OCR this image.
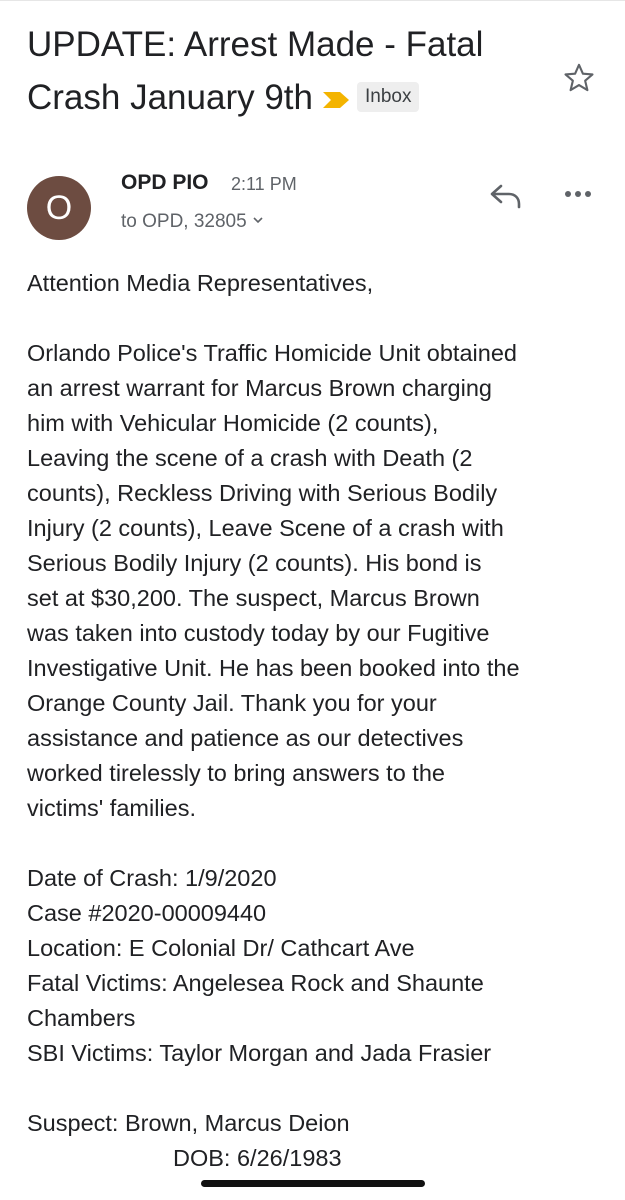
UPDATE: Arrest Made - Fatal Crash January 9th	Inbox
O
OPD PIO 2:11 PM
to OPD, 32805

Attention Media Representatives,

Orlando Police's Traffic Homicide Unit obtained

an arrest warrant for Marcus Brown charging

him with Vehicular Homicide (2 counts),

Leaving the scene of a crash with Death (2

counts), Reckless Driving with Serious Bodily

Injury (2 counts), Leave Scene of a crash with

Serious Bodily Injury (2 counts). His bond is

set at $30,200. The suspect, Marcus Brown

was taken into custody today by our Fugitive

Investigative Unit. He has been booked into the

Orange County Jail. Thank you for your

assistance and patience as our detectives

worked tirelessly to bring answers to the

victims' families.

Date of Crash: 1/9/2020

Case #2020-00009440

Location: E Colonial Dr/ Cathcart Ave

Fatal Victims: Angelesea Rock and Shaunte

Chambers

SBI Victims: Taylor Morgan and Jada Frasier

Suspect: Brown, Marcus Deion

DOB: 6/26/1983
